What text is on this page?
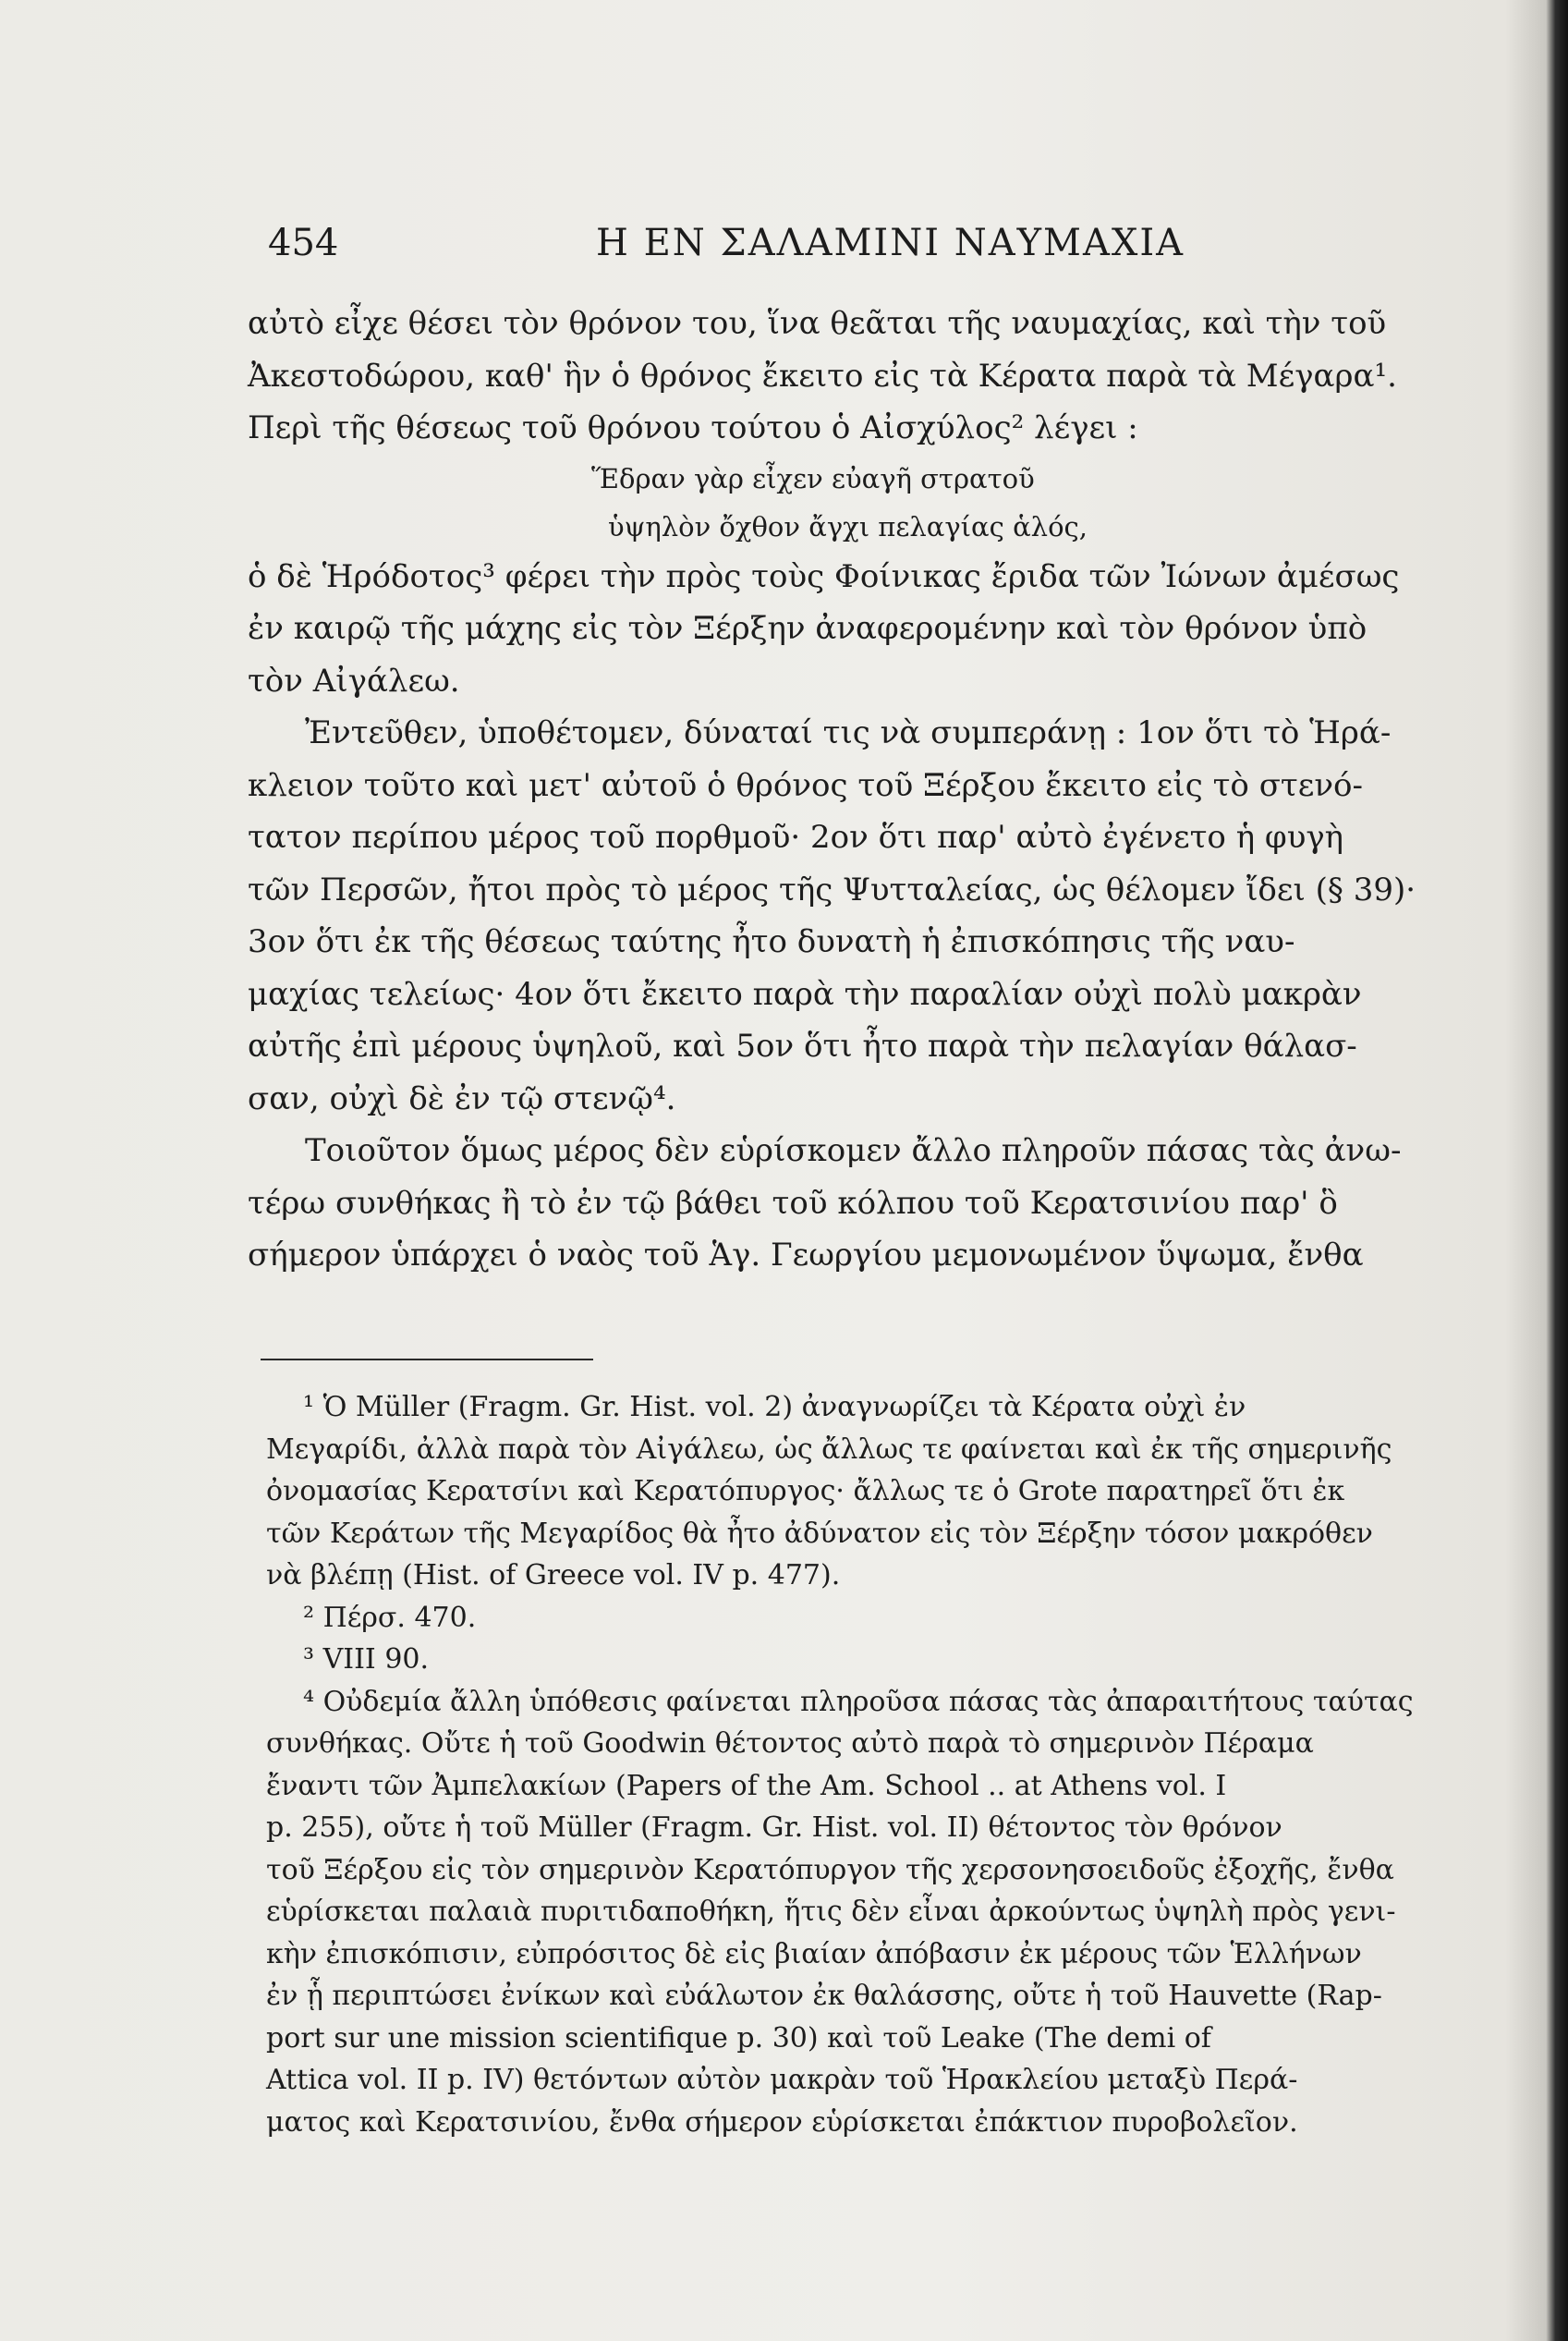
454	Η ΕΝ ΣΑΛΑΜΙΝΙ ΝΑΥΜΑΧΙΑ
αὐτὸ εἶχε θέσει τὸν θρόνον του, ἵνα θεᾶται τῆς ναυμαχίας, καὶ τὴν τοῦ
Ἀκεστοδώρου, καθ' ἣν ὁ θρόνος ἔκειτο εἰς τὰ Κέρατα παρὰ τὰ Μέγαρα¹.
Περὶ τῆς θέσεως τοῦ θρόνου τούτου ὁ Αἰσχύλος² λέγει :
Ἕδραν γὰρ εἶχεν εὐαγῆ στρατοῦ
ὑψηλὸν ὄχθον ἄγχι πελαγίας ἁλός,
ὁ δὲ Ἡρόδοτος³ φέρει τὴν πρὸς τοὺς Φοίνικας ἔριδα τῶν Ἰώνων ἀμέσως
ἐν καιρῷ τῆς μάχης εἰς τὸν Ξέρξην ἀναφερομένην καὶ τὸν θρόνον ὑπὸ
τὸν Αἰγάλεω.
Ἐντεῦθεν, ὑποθέτομεν, δύναταί τις νὰ συμπεράνῃ : 1ον ὅτι τὸ Ἡρά-
κλειον τοῦτο καὶ μετ' αὐτοῦ ὁ θρόνος τοῦ Ξέρξου ἔκειτο εἰς τὸ στενό-
τατον περίπου μέρος τοῦ πορθμοῦ· 2ον ὅτι παρ' αὐτὸ ἐγένετο ἡ φυγὴ
τῶν Περσῶν, ἤτοι πρὸς τὸ μέρος τῆς Ψυτταλείας, ὡς θέλομεν ἴδει (§ 39)·
3ον ὅτι ἐκ τῆς θέσεως ταύτης ἦτο δυνατὴ ἡ ἐπισκόπησις τῆς ναυ-
μαχίας τελείως· 4ον ὅτι ἔκειτο παρὰ τὴν παραλίαν οὐχὶ πολὺ μακρὰν
αὐτῆς ἐπὶ μέρους ὑψηλοῦ, καὶ 5ον ὅτι ἦτο παρὰ τὴν πελαγίαν θάλασ-
σαν, οὐχὶ δὲ ἐν τῷ στενῷ⁴.
Τοιοῦτον ὅμως μέρος δὲν εὑρίσκομεν ἄλλο πληροῦν πάσας τὰς ἀνω-
τέρω συνθήκας ἢ τὸ ἐν τῷ βάθει τοῦ κόλπου τοῦ Κερατσινίου παρ' ὃ
σήμερον ὑπάρχει ὁ ναὸς τοῦ Ἁγ. Γεωργίου μεμονωμένον ὕψωμα, ἔνθα
¹ Ὁ Müller (Fragm. Gr. Hist. vol. 2) ἀναγνωρίζει τὰ Κέρατα οὐχὶ ἐν
Μεγαρίδι, ἀλλὰ παρὰ τὸν Αἰγάλεω, ὡς ἄλλως τε φαίνεται καὶ ἐκ τῆς σημερινῆς
ὀνομασίας Κερατσίνι καὶ Κερατόπυργος· ἄλλως τε ὁ Grote παρατηρεῖ ὅτι ἐκ
τῶν Κεράτων τῆς Μεγαρίδος θὰ ἦτο ἀδύνατον εἰς τὸν Ξέρξην τόσον μακρόθεν
νὰ βλέπῃ (Hist. of Greece vol. IV p. 477).
² Πέρσ. 470.
³ VIII 90.
⁴ Οὐδεμία ἄλλη ὑπόθεσις φαίνεται πληροῦσα πάσας τὰς ἀπαραιτήτους ταύτας
συνθήκας. Οὔτε ἡ τοῦ Goodwin θέτοντος αὐτὸ παρὰ τὸ σημερινὸν Πέραμα
ἔναντι τῶν Ἀμπελακίων (Papers of the Am. School .. at Athens vol. I
p. 255), οὔτε ἡ τοῦ Müller (Fragm. Gr. Hist. vol. II) θέτοντος τὸν θρόνον
τοῦ Ξέρξου εἰς τὸν σημερινὸν Κερατόπυργον τῆς χερσονησοειδοῦς ἐξοχῆς, ἔνθα
εὑρίσκεται παλαιὰ πυριτιδαποθήκη, ἥτις δὲν εἶναι ἀρκούντως ὑψηλὴ πρὸς γενι-
κὴν ἐπισκόπισιν, εὐπρόσιτος δὲ εἰς βιαίαν ἀπόβασιν ἐκ μέρους τῶν Ἑλλήνων
ἐν ᾗ περιπτώσει ἐνίκων καὶ εὐάλωτον ἐκ θαλάσσης, οὔτε ἡ τοῦ Hauvette (Rap-
port sur une mission scientifique p. 30) καὶ τοῦ Leake (The demi of
Attica vol. II p. IV) θετόντων αὐτὸν μακρὰν τοῦ Ἡρακλείου μεταξὺ Περά-
ματος καὶ Κερατσινίου, ἔνθα σήμερον εὑρίσκεται ἐπάκτιον πυροβολεῖον.
